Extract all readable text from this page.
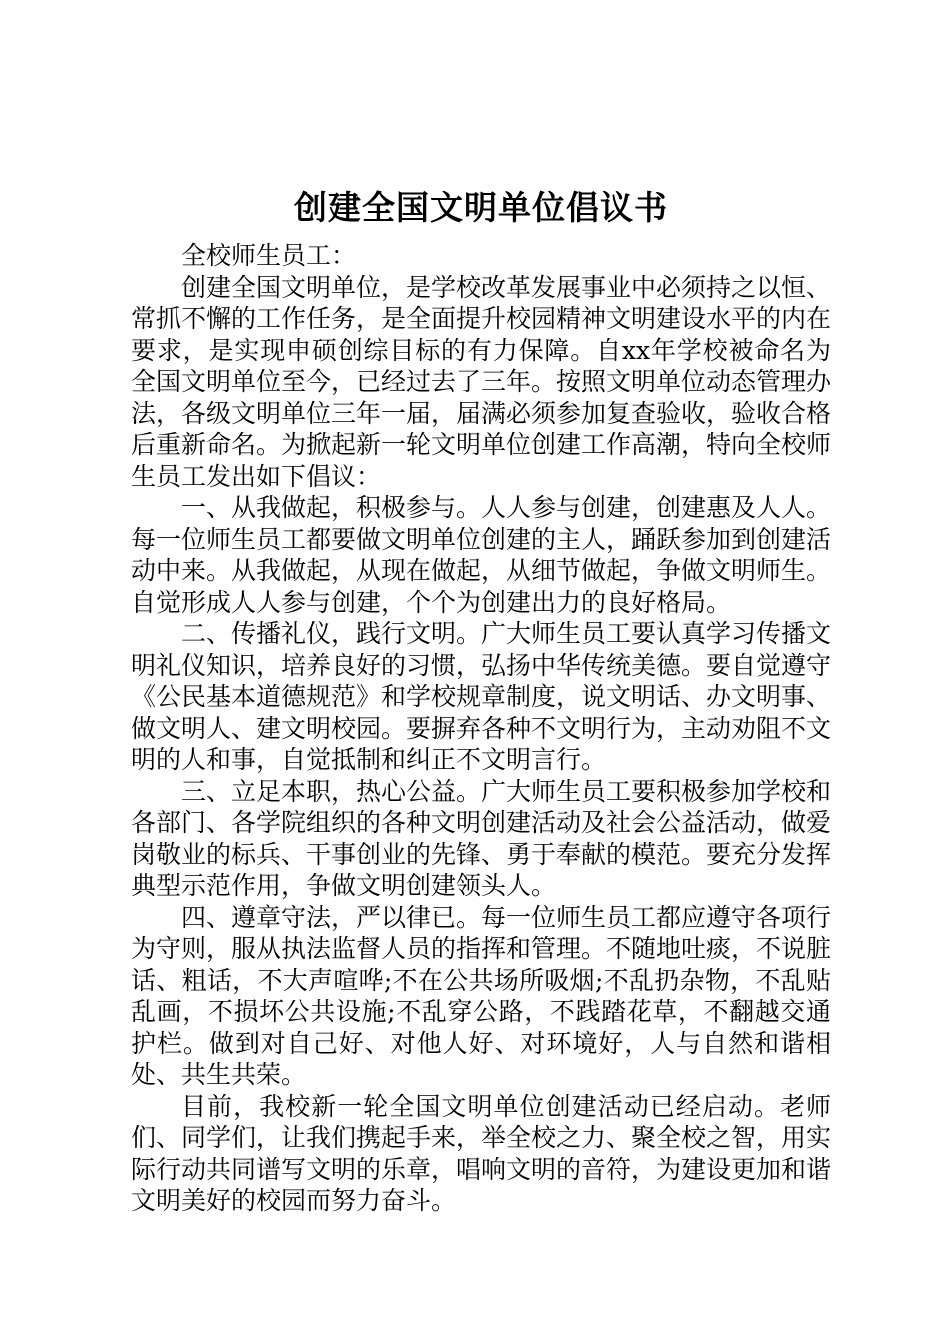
创建全国文明单位倡议书

全校师生员工：

创建全国文明单位，是学校改革发展事业中必须持之以恒、常抓不懈的工作任务，是全面提升校园精神文明建设水平的内在要求，是实现申硕创综目标的有力保障。自xx年学校被命名为全国文明单位至今，已经过去了三年。按照文明单位动态管理办法，各级文明单位三年一届，届满必须参加复查验收，验收合格后重新命名。为掀起新一轮文明单位创建工作高潮，特向全校师生员工发出如下倡议：

一、从我做起，积极参与。人人参与创建，创建惠及人人。每一位师生员工都要做文明单位创建的主人，踊跃参加到创建活动中来。从我做起，从现在做起，从细节做起，争做文明师生。自觉形成人人参与创建，个个为创建出力的良好格局。

二、传播礼仪，践行文明。广大师生员工要认真学习传播文明礼仪知识，培养良好的习惯，弘扬中华传统美德。要自觉遵守《公民基本道德规范》和学校规章制度，说文明话、办文明事、做文明人、建文明校园。要摒弃各种不文明行为，主动劝阻不文明的人和事，自觉抵制和纠正不文明言行。

三、立足本职，热心公益。广大师生员工要积极参加学校和各部门、各学院组织的各种文明创建活动及社会公益活动，做爱岗敬业的标兵、干事创业的先锋、勇于奉献的模范。要充分发挥典型示范作用，争做文明创建领头人。

四、遵章守法，严以律已。每一位师生员工都应遵守各项行为守则，服从执法监督人员的指挥和管理。不随地吐痰，不说脏话、粗话，不大声喧哗;不在公共场所吸烟;不乱扔杂物，不乱贴乱画，不损坏公共设施;不乱穿公路，不践踏花草，不翻越交通护栏。做到对自己好、对他人好、对环境好，人与自然和谐相处、共生共荣。

目前，我校新一轮全国文明单位创建活动已经启动。老师们、同学们，让我们携起手来，举全校之力、聚全校之智，用实际行动共同谱写文明的乐章，唱响文明的音符，为建设更加和谐文明美好的校园而努力奋斗。
